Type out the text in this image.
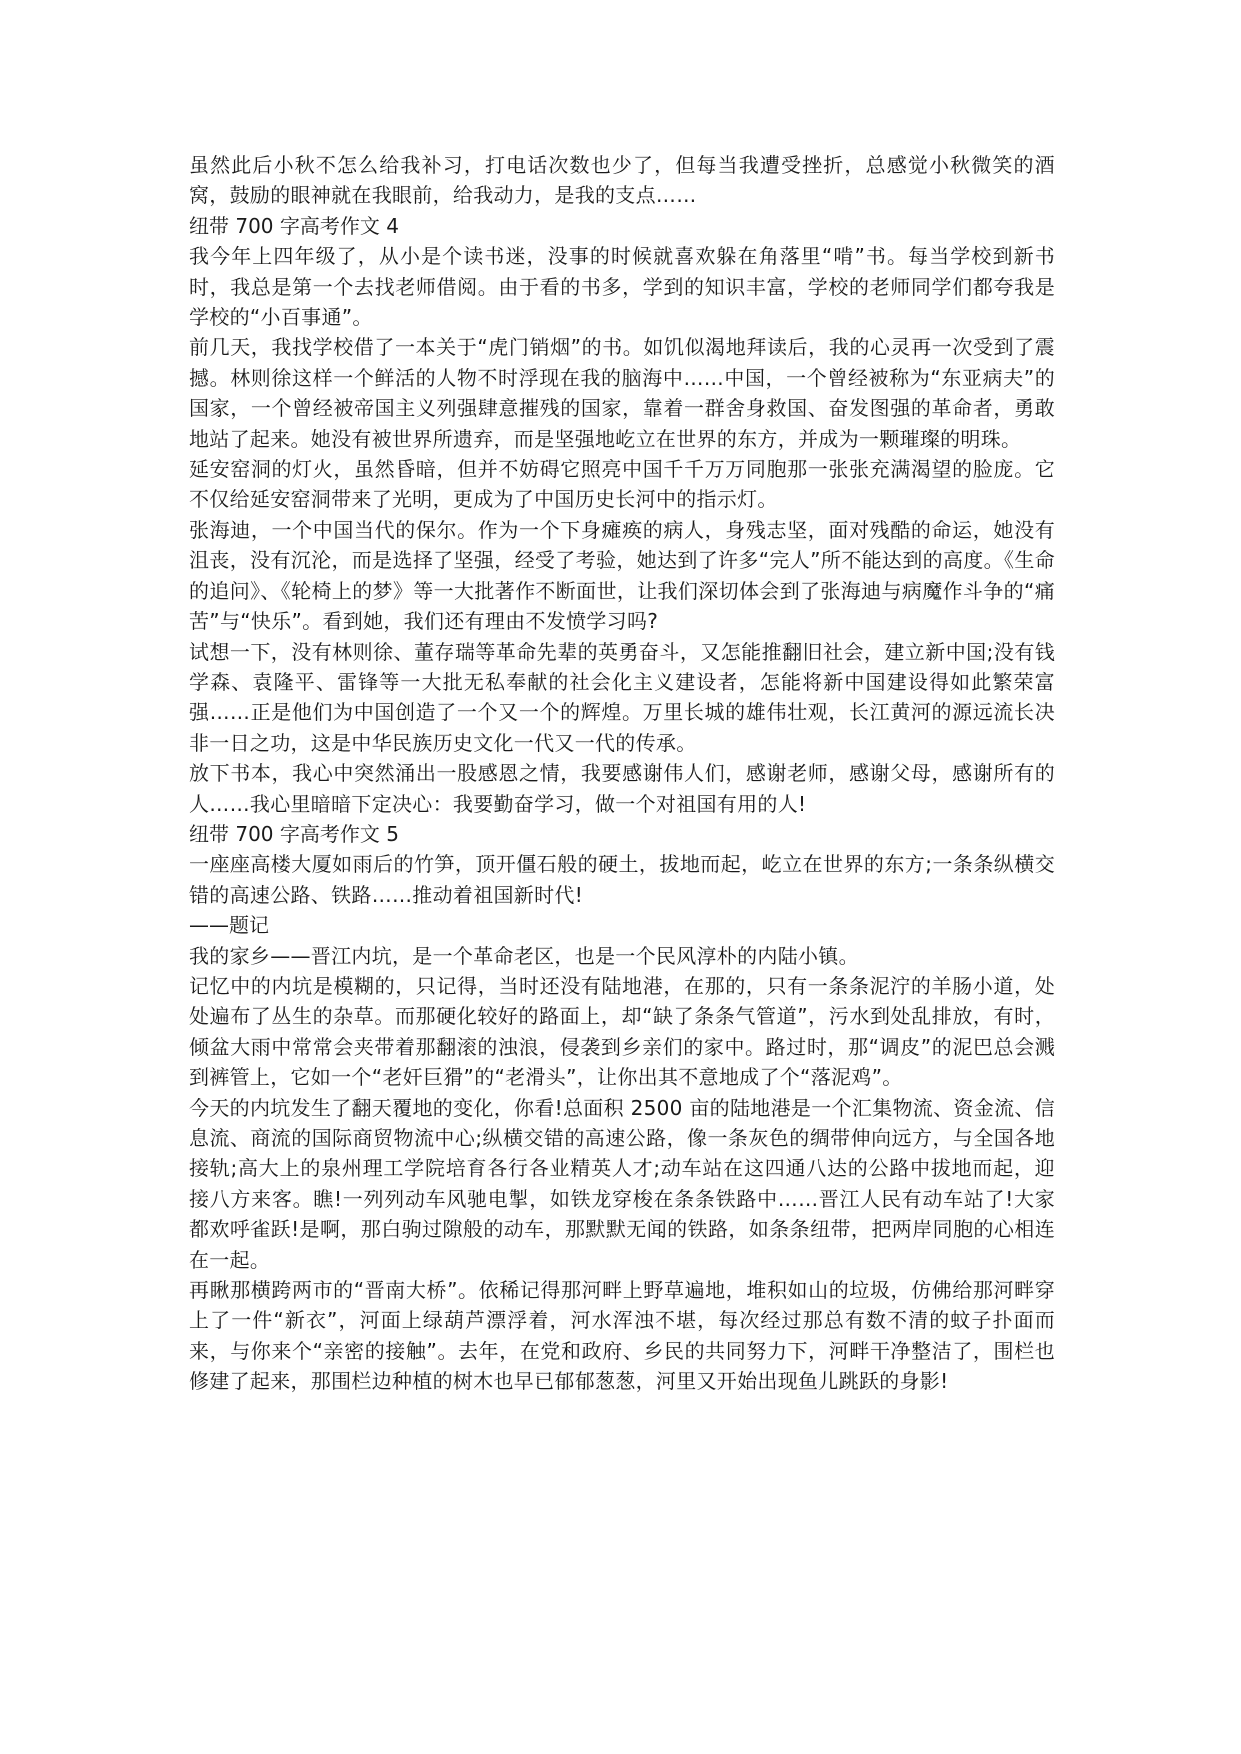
虽然此后小秋不怎么给我补习，打电话次数也少了，但每当我遭受挫折，总感觉小秋微笑的酒窝，鼓励的眼神就在我眼前，给我动力，是我的支点……

纽带 700 字高考作文 4

我今年上四年级了，从小是个读书迷，没事的时候就喜欢躲在角落里“啃”书。每当学校到新书时，我总是第一个去找老师借阅。由于看的书多，学到的知识丰富，学校的老师同学们都夸我是学校的“小百事通”。

前几天，我找学校借了一本关于“虎门销烟”的书。如饥似渴地拜读后，我的心灵再一次受到了震撼。林则徐这样一个鲜活的人物不时浮现在我的脑海中……中国，一个曾经被称为“东亚病夫”的国家，一个曾经被帝国主义列强肆意摧残的国家，靠着一群舍身救国、奋发图强的革命者，勇敢地站了起来。她没有被世界所遗弃，而是坚强地屹立在世界的东方，并成为一颗璀璨的明珠。

延安窑洞的灯火，虽然昏暗，但并不妨碍它照亮中国千千万万同胞那一张张充满渴望的脸庞。它不仅给延安窑洞带来了光明，更成为了中国历史长河中的指示灯。

张海迪，一个中国当代的保尔。作为一个下身瘫痪的病人，身残志坚，面对残酷的命运，她没有沮丧，没有沉沦，而是选择了坚强，经受了考验，她达到了许多“完人”所不能达到的高度。《生命的追问》、《轮椅上的梦》等一大批著作不断面世，让我们深切体会到了张海迪与病魔作斗争的“痛苦”与“快乐”。看到她，我们还有理由不发愤学习吗?

试想一下，没有林则徐、董存瑞等革命先辈的英勇奋斗，又怎能推翻旧社会，建立新中国;没有钱学森、袁隆平、雷锋等一大批无私奉献的社会化主义建设者，怎能将新中国建设得如此繁荣富强……正是他们为中国创造了一个又一个的辉煌。万里长城的雄伟壮观，长江黄河的源远流长决非一日之功，这是中华民族历史文化一代又一代的传承。

放下书本，我心中突然涌出一股感恩之情，我要感谢伟人们，感谢老师，感谢父母，感谢所有的人……我心里暗暗下定决心：我要勤奋学习，做一个对祖国有用的人!

纽带 700 字高考作文 5

一座座高楼大厦如雨后的竹笋，顶开僵石般的硬土，拔地而起，屹立在世界的东方;一条条纵横交错的高速公路、铁路……推动着祖国新时代!

——题记

我的家乡——晋江内坑，是一个革命老区，也是一个民风淳朴的内陆小镇。

记忆中的内坑是模糊的，只记得，当时还没有陆地港，在那的，只有一条条泥泞的羊肠小道，处处遍布了丛生的杂草。而那硬化较好的路面上，却“缺了条条气管道”，污水到处乱排放，有时，倾盆大雨中常常会夹带着那翻滚的浊浪，侵袭到乡亲们的家中。路过时，那“调皮”的泥巴总会溅到裤管上，它如一个“老奸巨猾”的“老滑头”，让你出其不意地成了个“落泥鸡”。

今天的内坑发生了翻天覆地的变化，你看!总面积 2500 亩的陆地港是一个汇集物流、资金流、信息流、商流的国际商贸物流中心;纵横交错的高速公路，像一条灰色的绸带伸向远方，与全国各地接轨;高大上的泉州理工学院培育各行各业精英人才;动车站在这四通八达的公路中拔地而起，迎接八方来客。瞧!一列列动车风驰电掣，如铁龙穿梭在条条铁路中……晋江人民有动车站了!大家都欢呼雀跃!是啊，那白驹过隙般的动车，那默默无闻的铁路，如条条纽带，把两岸同胞的心相连在一起。

再瞅那横跨两市的“晋南大桥”。依稀记得那河畔上野草遍地，堆积如山的垃圾，仿佛给那河畔穿上了一件“新衣”，河面上绿葫芦漂浮着，河水浑浊不堪，每次经过那总有数不清的蚊子扑面而来，与你来个“亲密的接触”。去年，在党和政府、乡民的共同努力下，河畔干净整洁了，围栏也修建了起来，那围栏边种植的树木也早已郁郁葱葱，河里又开始出现鱼儿跳跃的身影!
